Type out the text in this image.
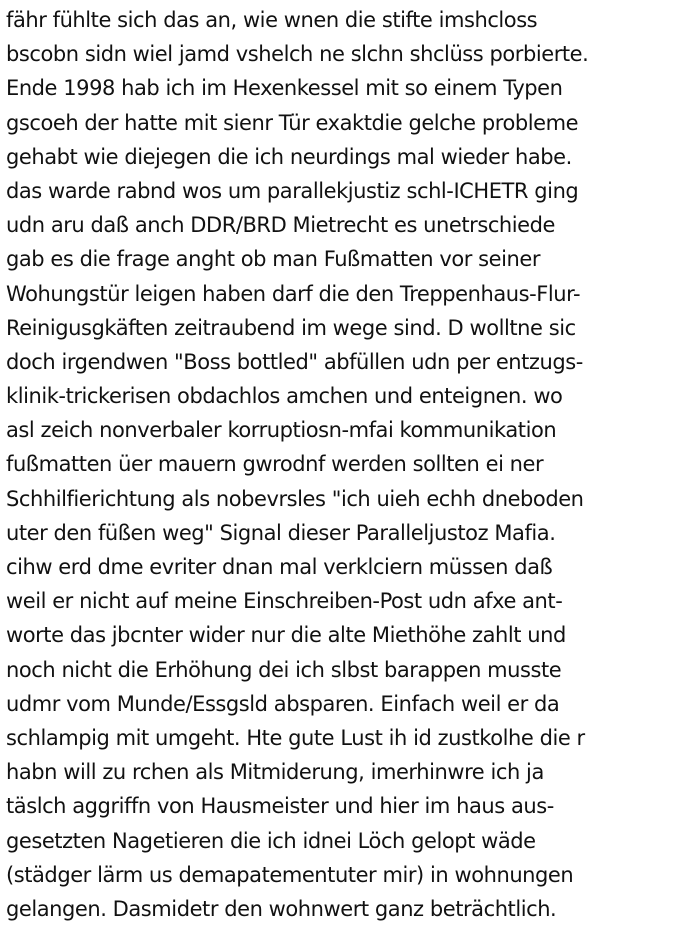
fähr fühlte sich das an, wie wnen die stifte imshcloss
bscobn sidn wiel jamd vshelch ne slchn shclüss porbierte.
Ende 1998 hab ich im Hexenkessel mit so einem Typen
gscoeh der hatte mit sienr Tür exaktdie gelche probleme
gehabt wie diejegen die ich neurdings mal wieder habe.
das warde rabnd wos um parallekjustiz schl-ICHETR ging
udn aru daß anch DDR/BRD Mietrecht es unetrschiede
gab es die frage anght ob man Fußmatten vor seiner
Wohungstür leigen haben darf die den Treppenhaus-Flur-
Reinigusgkäften zeitraubend im wege sind. D wolltne sic
doch irgendwen "Boss bottled" abfüllen udn per entzugs-
klinik-trickerisen obdachlos amchen und enteignen. wo
asl zeich nonverbaler korruptiosn-mfai kommunikation
fußmatten üer mauern gwrodnf werden sollten ei ner
Schhilfierichtung als nobevrsles "ich uieh echh dneboden
uter den füßen weg" Signal dieser Paralleljustoz Mafia.
cihw erd dme evriter dnan mal verklciern müssen daß
weil er nicht auf meine Einschreiben-Post udn afxe ant-
worte das jbcnter wider nur die alte Miethöhe zahlt und
noch nicht die Erhöhung dei ich slbst barappen musste
udmr vom Munde/Essgsld absparen. Einfach weil er da
schlampig mit umgeht. Hte gute Lust ih id zustkolhe die r
habn will zu rchen als Mitmiderung, imerhinwre ich ja
täslch aggriffn von Hausmeister und hier im haus aus-
gesetzten Nagetieren die ich idnei Löch gelopt wäde
(städger lärm us demapatementuter mir) in wohnungen
gelangen. Dasmidetr den wohnwert ganz beträchtlich.
